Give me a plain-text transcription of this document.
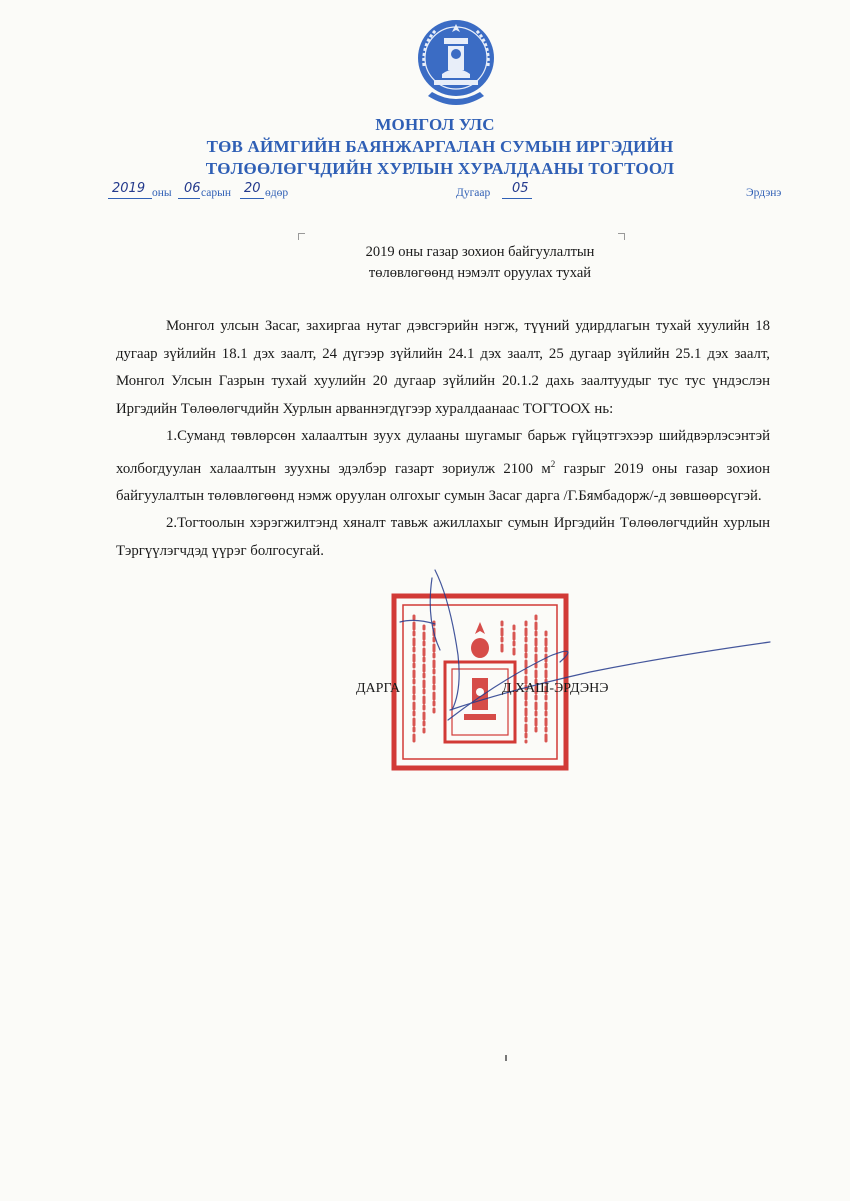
МОНГОЛ УЛС
ТӨВ АЙМГИЙН БАЯНЖАРГАЛАН СУМЫН ИРГЭДИЙН
ТӨЛӨӨЛӨГЧДИЙН ХУРЛЫН ХУРАЛДААНЫ ТОГТООЛ
2019 оны 06 сарын 20 өдөр	Дугаар 05	Эрдэнэ
2019 оны газар зохион байгуулалтын
төлөвлөгөөнд нэмэлт оруулах тухай

Монгол улсын Засаг, захиргаа нутаг дэвсгэрийн нэгж, түүний удирдлагын тухай хуулийн 18 дугаар зүйлийн 18.1 дэх заалт, 24 дүгээр зүйлийн 24.1 дэх заалт, 25 дугаар зүйлийн 25.1 дэх заалт, Монгол Улсын Газрын тухай хуулийн 20 дугаар зүйлийн 20.1.2 дахь заалтуудыг тус тус үндэслэн Иргэдийн Төлөөлөгчдийн Хурлын арваннэгдүгээр хуралдаанаас ТОГТООХ нь:

1.Суманд төвлөрсөн халаалтын зуух дулааны шугамыг барьж гүйцэтгэхээр шийдвэрлэсэнтэй холбогдуулан халаалтын зуухны эдэлбэр газарт зориулж 2100 $м^2$ газрыг 2019 оны газар зохион байгуулалтын төлөвлөгөөнд нэмж оруулан олгохыг сумын Засаг дарга /Г.Бямбадорж/-д зөвшөөрсүгэй.

2.Тогтоолын хэрэгжилтэнд хяналт тавьж ажиллахыг сумын Иргэдийн Төлөөлөгчдийн хурлын Тэргүүлэгчдэд үүрэг болгосугай.

ДАРГА	Д.ХАШ-ЭРДЭНЭ
